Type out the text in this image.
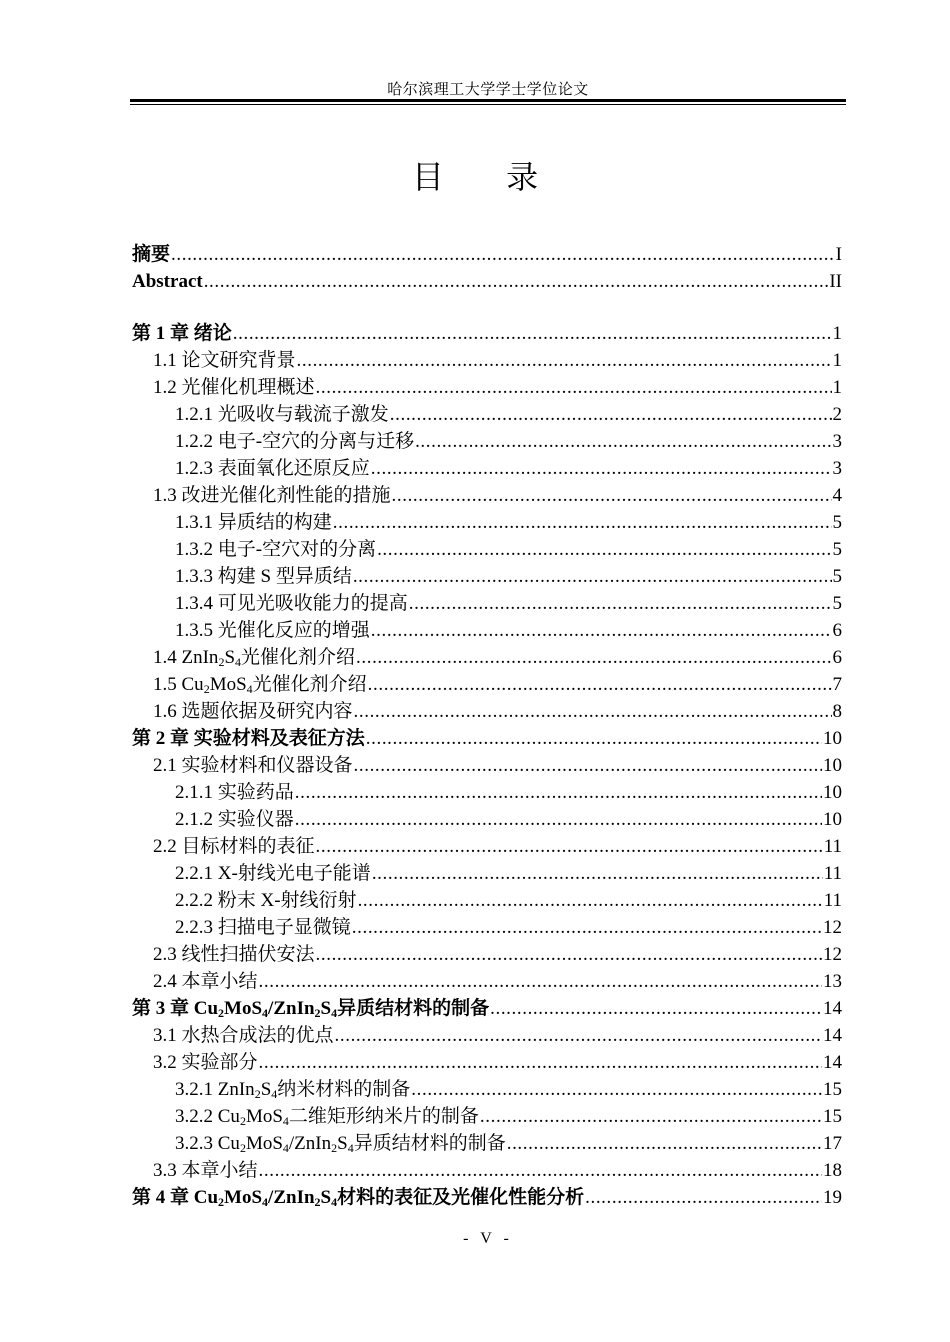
哈尔滨理工大学学士学位论文
目 录
摘要 .....	I
Abstract .....	II
第 1 章 绪论 .....	1
1.1 论文研究背景 .....	1
1.2 光催化机理概述 .....	1
1.2.1 光吸收与载流子激发 .....	2
1.2.2 电子-空穴的分离与迁移 .....	3
1.2.3 表面氧化还原反应 .....	3
1.3 改进光催化剂性能的措施 .....	4
1.3.1 异质结的构建 .....	5
1.3.2 电子-空穴对的分离 .....	5
1.3.3 构建 S 型异质结 .....	5
1.3.4 可见光吸收能力的提高 .....	5
1.3.5 光催化反应的增强 .....	6
1.4 $ZnIn_2S_4$光催化剂介绍 .....	6
1.5 $Cu_2MoS_4$光催化剂介绍 .....	7
1.6 选题依据及研究内容 .....	8
第 2 章 实验材料及表征方法 .....	10
2.1 实验材料和仪器设备 .....	10
2.1.1 实验药品 .....	10
2.1.2 实验仪器 .....	10
2.2 目标材料的表征 .....	11
2.2.1 X-射线光电子能谱 .....	11
2.2.2 粉末 X-射线衍射 .....	11
2.2.3 扫描电子显微镜 .....	12
2.3 线性扫描伏安法 .....	12
2.4 本章小结 .....	13
第 3 章 $Cu_2MoS_4/ZnIn_2S_4$异质结材料的制备 .....	14
3.1 水热合成法的优点 .....	14
3.2 实验部分 .....	14
3.2.1 $ZnIn_2S_4$纳米材料的制备 .....	15
3.2.2 $Cu_2MoS_4$二维矩形纳米片的制备 .....	15
3.2.3 $Cu_2MoS_4/ZnIn_2S_4$异质结材料的制备 .....	17
3.3 本章小结 .....	18
第 4 章 $Cu_2MoS_4/ZnIn_2S_4$材料的表征及光催化性能分析 .....	19
- V -
